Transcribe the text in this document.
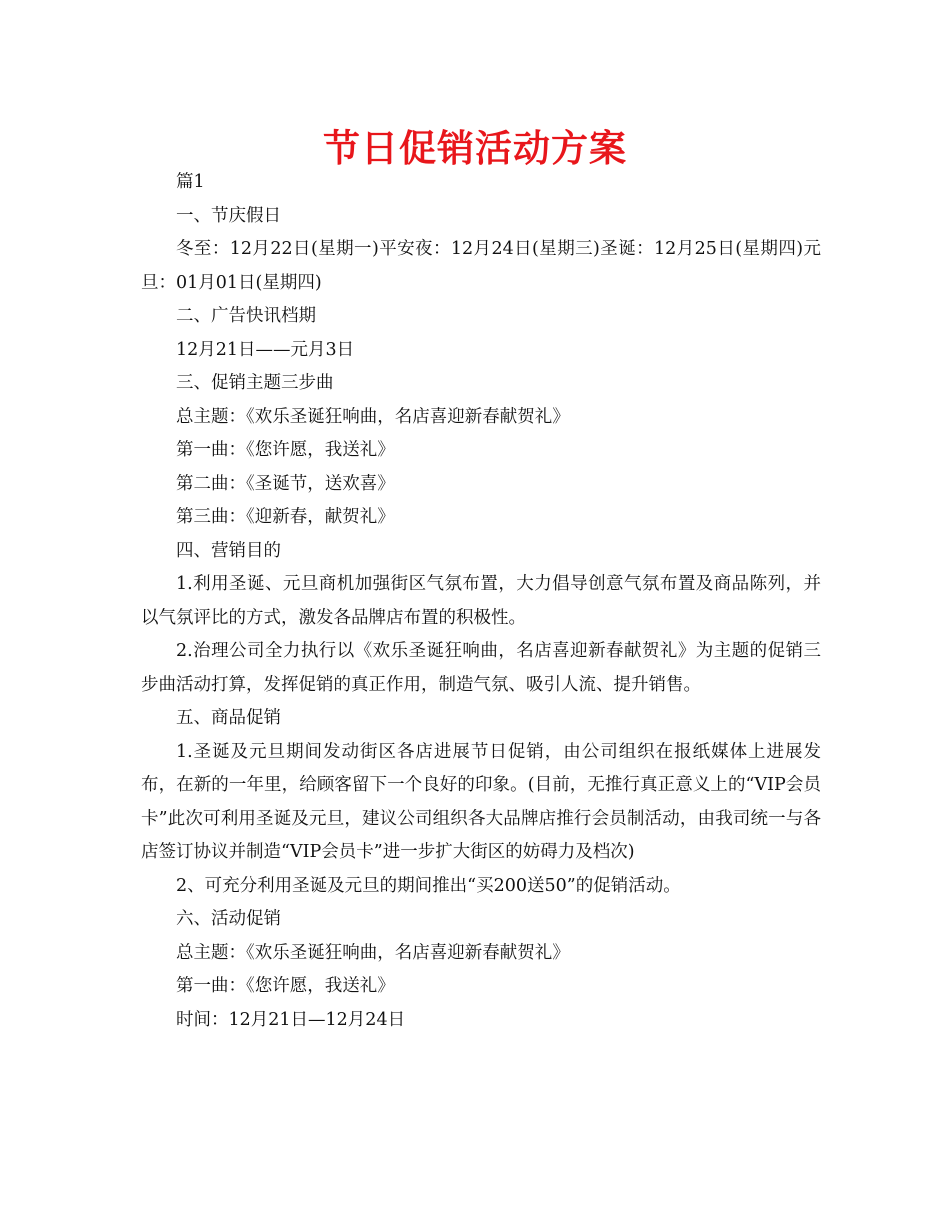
节日促销活动方案

篇1

一、节庆假日

冬至：12月22日(星期一)平安夜：12月24日(星期三)圣诞：12月25日(星期四)元旦：01月01日(星期四)

二、广告快讯档期

12月21日——元月3日

三、促销主题三步曲

总主题：《欢乐圣诞狂响曲，名店喜迎新春献贺礼》

第一曲：《您许愿，我送礼》

第二曲：《圣诞节，送欢喜》

第三曲：《迎新春，献贺礼》

四、营销目的

1.利用圣诞、元旦商机加强街区气氛布置，大力倡导创意气氛布置及商品陈列，并以气氛评比的方式，激发各品牌店布置的积极性。

2.治理公司全力执行以《欢乐圣诞狂响曲，名店喜迎新春献贺礼》为主题的促销三步曲活动打算，发挥促销的真正作用，制造气氛、吸引人流、提升销售。

五、商品促销

1.圣诞及元旦期间发动街区各店进展节日促销，由公司组织在报纸媒体上进展发布，在新的一年里，给顾客留下一个良好的印象。(目前，无推行真正意义上的“VIP会员卡”此次可利用圣诞及元旦，建议公司组织各大品牌店推行会员制活动，由我司统一与各店签订协议并制造“VIP会员卡”进一步扩大街区的妨碍力及档次)

2、可充分利用圣诞及元旦的期间推出“买200送50”的促销活动。

六、活动促销

总主题：《欢乐圣诞狂响曲，名店喜迎新春献贺礼》

第一曲：《您许愿，我送礼》

时间：12月21日—12月24日
